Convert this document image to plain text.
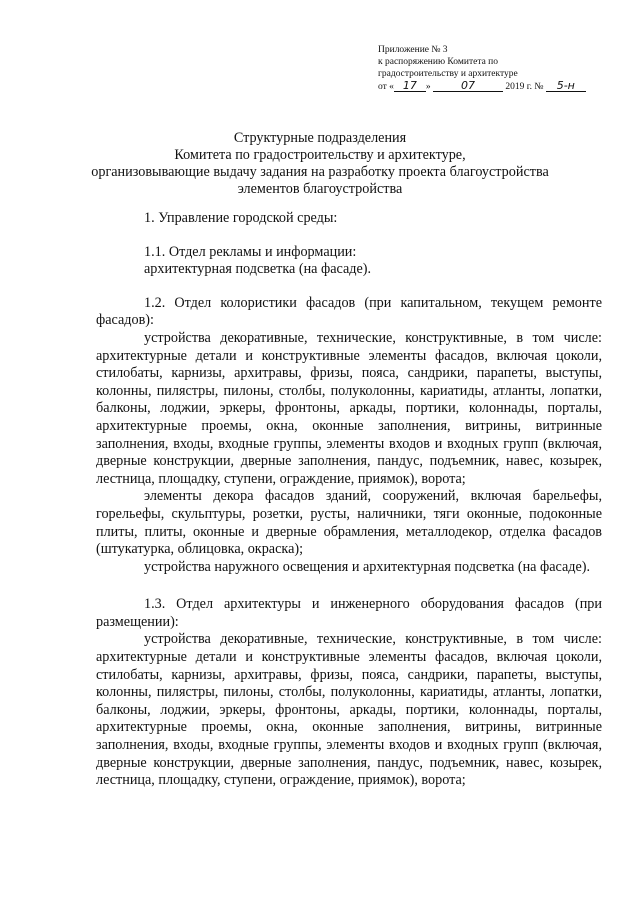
Приложение № 3
к распоряжению Комитета по
градостроительству и архитектуре
от « 17 »	07	2019 г. № 5-н
Структурные подразделения
Комитета по градостроительству и архитектуре,
организовывающие выдачу задания на разработку проекта благоустройства
элементов благоустройства

1. Управление городской среды:

1.1. Отдел рекламы и информации:

архитектурная подсветка (на фасаде).

1.2. Отдел колористики фасадов (при капитальном, текущем ремонте фасадов):

устройства декоративные, технические, конструктивные, в том числе: архитектурные детали и конструктивные элементы фасадов, включая цоколи, стилобаты, карнизы, архитравы, фризы, пояса, сандрики, парапеты, выступы, колонны, пилястры, пилоны, столбы, полуколонны, кариатиды, атланты, лопатки, балконы, лоджии, эркеры, фронтоны, аркады, портики, колоннады, порталы, архитектурные проемы, окна, оконные заполнения, витрины, витринные заполнения, входы, входные группы, элементы входов и входных групп (включая, дверные конструкции, дверные заполнения, пандус, подъемник, навес, козырек, лестница, площадку, ступени, ограждение, приямок), ворота;

элементы декора фасадов зданий, сооружений, включая барельефы, горельефы, скульптуры, розетки, русты, наличники, тяги оконные, подоконные плиты, плиты, оконные и дверные обрамления, металлодекор, отделка фасадов (штукатурка, облицовка, окраска);

устройства наружного освещения и архитектурная подсветка (на фасаде).

1.3. Отдел архитектуры и инженерного оборудования фасадов (при размещении):

устройства декоративные, технические, конструктивные, в том числе: архитектурные детали и конструктивные элементы фасадов, включая цоколи, стилобаты, карнизы, архитравы, фризы, пояса, сандрики, парапеты, выступы, колонны, пилястры, пилоны, столбы, полуколонны, кариатиды, атланты, лопатки, балконы, лоджии, эркеры, фронтоны, аркады, портики, колоннады, порталы, архитектурные проемы, окна, оконные заполнения, витрины, витринные заполнения, входы, входные группы, элементы входов и входных групп (включая, дверные конструкции, дверные заполнения, пандус, подъемник, навес, козырек, лестница, площадку, ступени, ограждение, приямок), ворота;
